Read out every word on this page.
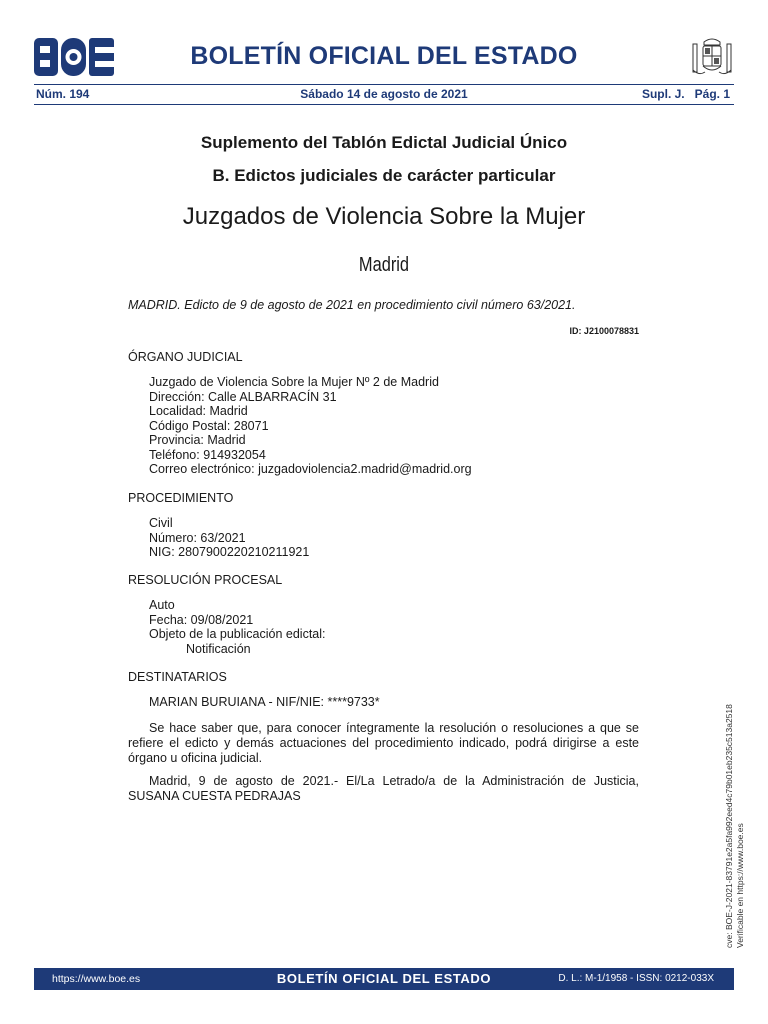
BOLETÍN OFICIAL DEL ESTADO
Núm. 194	Sábado 14 de agosto de 2021	Supl. J.   Pág. 1
Suplemento del Tablón Edictal Judicial Único
B. Edictos judiciales de carácter particular
Juzgados de Violencia Sobre la Mujer
Madrid
MADRID. Edicto de 9 de agosto de 2021 en procedimiento civil número 63/2021.
ID: J2100078831
ÓRGANO JUDICIAL
Juzgado de Violencia Sobre la Mujer Nº 2 de Madrid
Dirección: Calle ALBARRACÍN 31
Localidad: Madrid
Código Postal: 28071
Provincia: Madrid
Teléfono: 914932054
Correo electrónico: juzgadoviolencia2.madrid@madrid.org
PROCEDIMIENTO
Civil
Número: 63/2021
NIG: 2807900220210211921
RESOLUCIÓN PROCESAL
Auto
Fecha: 09/08/2021
Objeto de la publicación edictal:
Notificación
DESTINATARIOS
MARIAN BURUIANA - NIF/NIE: ****9733*
Se hace saber que, para conocer íntegramente la resolución o resoluciones a que se refiere el edicto y demás actuaciones del procedimiento indicado, podrá dirigirse a este órgano u oficina judicial.
Madrid, 9 de agosto de 2021.- El/La Letrado/a de la Administración de Justicia, SUSANA CUESTA PEDRAJAS	cve: BOE-J-2021-83791e2a5fa992eed4c79b01eb235c513a2518 Verificable en https://www.boe.es
https://www.boe.es	BOLETÍN OFICIAL DEL ESTADO	D. L.: M-1/1958 - ISSN: 0212-033X
